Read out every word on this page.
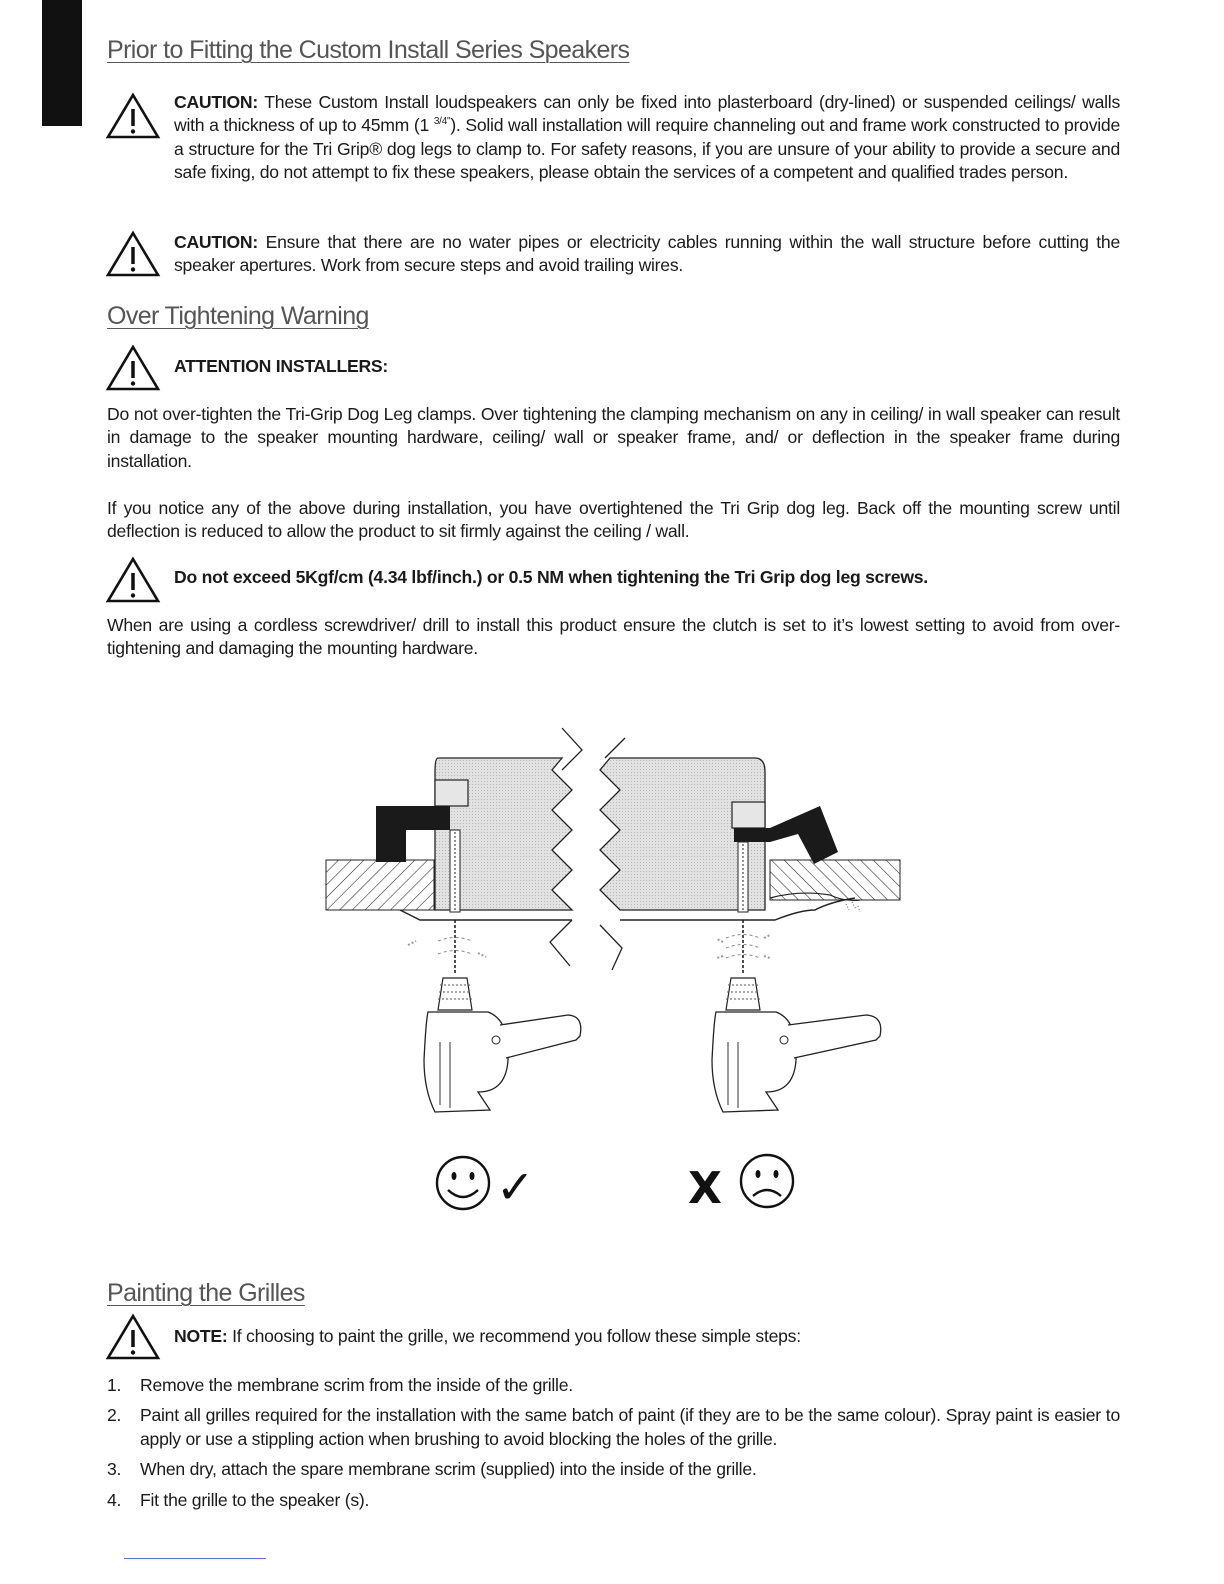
Prior to Fitting the Custom Install Series Speakers

CAUTION: These Custom Install loudspeakers can only be fixed into plasterboard (dry-lined) or suspended ceilings/ walls with a thickness of up to 45mm (1 $^{3/4"}$). Solid wall installation will require channeling out and frame work constructed to provide a structure for the Tri Grip® dog legs to clamp to. For safety reasons, if you are unsure of your ability to provide a secure and safe fixing, do not attempt to fix these speakers, please obtain the services of a competent and qualified trades person.

CAUTION: Ensure that there are no water pipes or electricity cables running within the wall structure before cutting the speaker apertures. Work from secure steps and avoid trailing wires.

Over Tightening Warning

ATTENTION INSTALLERS:

Do not over-tighten the Tri-Grip Dog Leg clamps. Over tightening the clamping mechanism on any in ceiling/ in wall speaker can result in damage to the speaker mounting hardware, ceiling/ wall or speaker frame, and/ or deflection in the speaker frame during installation.

If you notice any of the above during installation, you have overtightened the Tri Grip dog leg. Back off the mounting screw until deflection is reduced to allow the product to sit firmly against the ceiling / wall.

Do not exceed 5Kgf/cm (4.34 lbf/inch.) or 0.5 NM when tightening the Tri Grip dog leg screws.

When are using a cordless screwdriver/ drill to install this product ensure the clutch is set to it’s lowest setting to avoid from over-tightening and damaging the mounting hardware.

✓	X
Painting the Grilles

NOTE: If choosing to paint the grille, we recommend you follow these simple steps:

1. Remove the membrane scrim from the inside of the grille.
2. Paint all grilles required for the installation with the same batch of paint (if they are to be the same colour). Spray paint is easier to apply or use a stippling action when brushing to avoid blocking the holes of the grille.
3. When dry, attach the spare membrane scrim (supplied) into the inside of the grille.
4. Fit the grille to the speaker (s).
